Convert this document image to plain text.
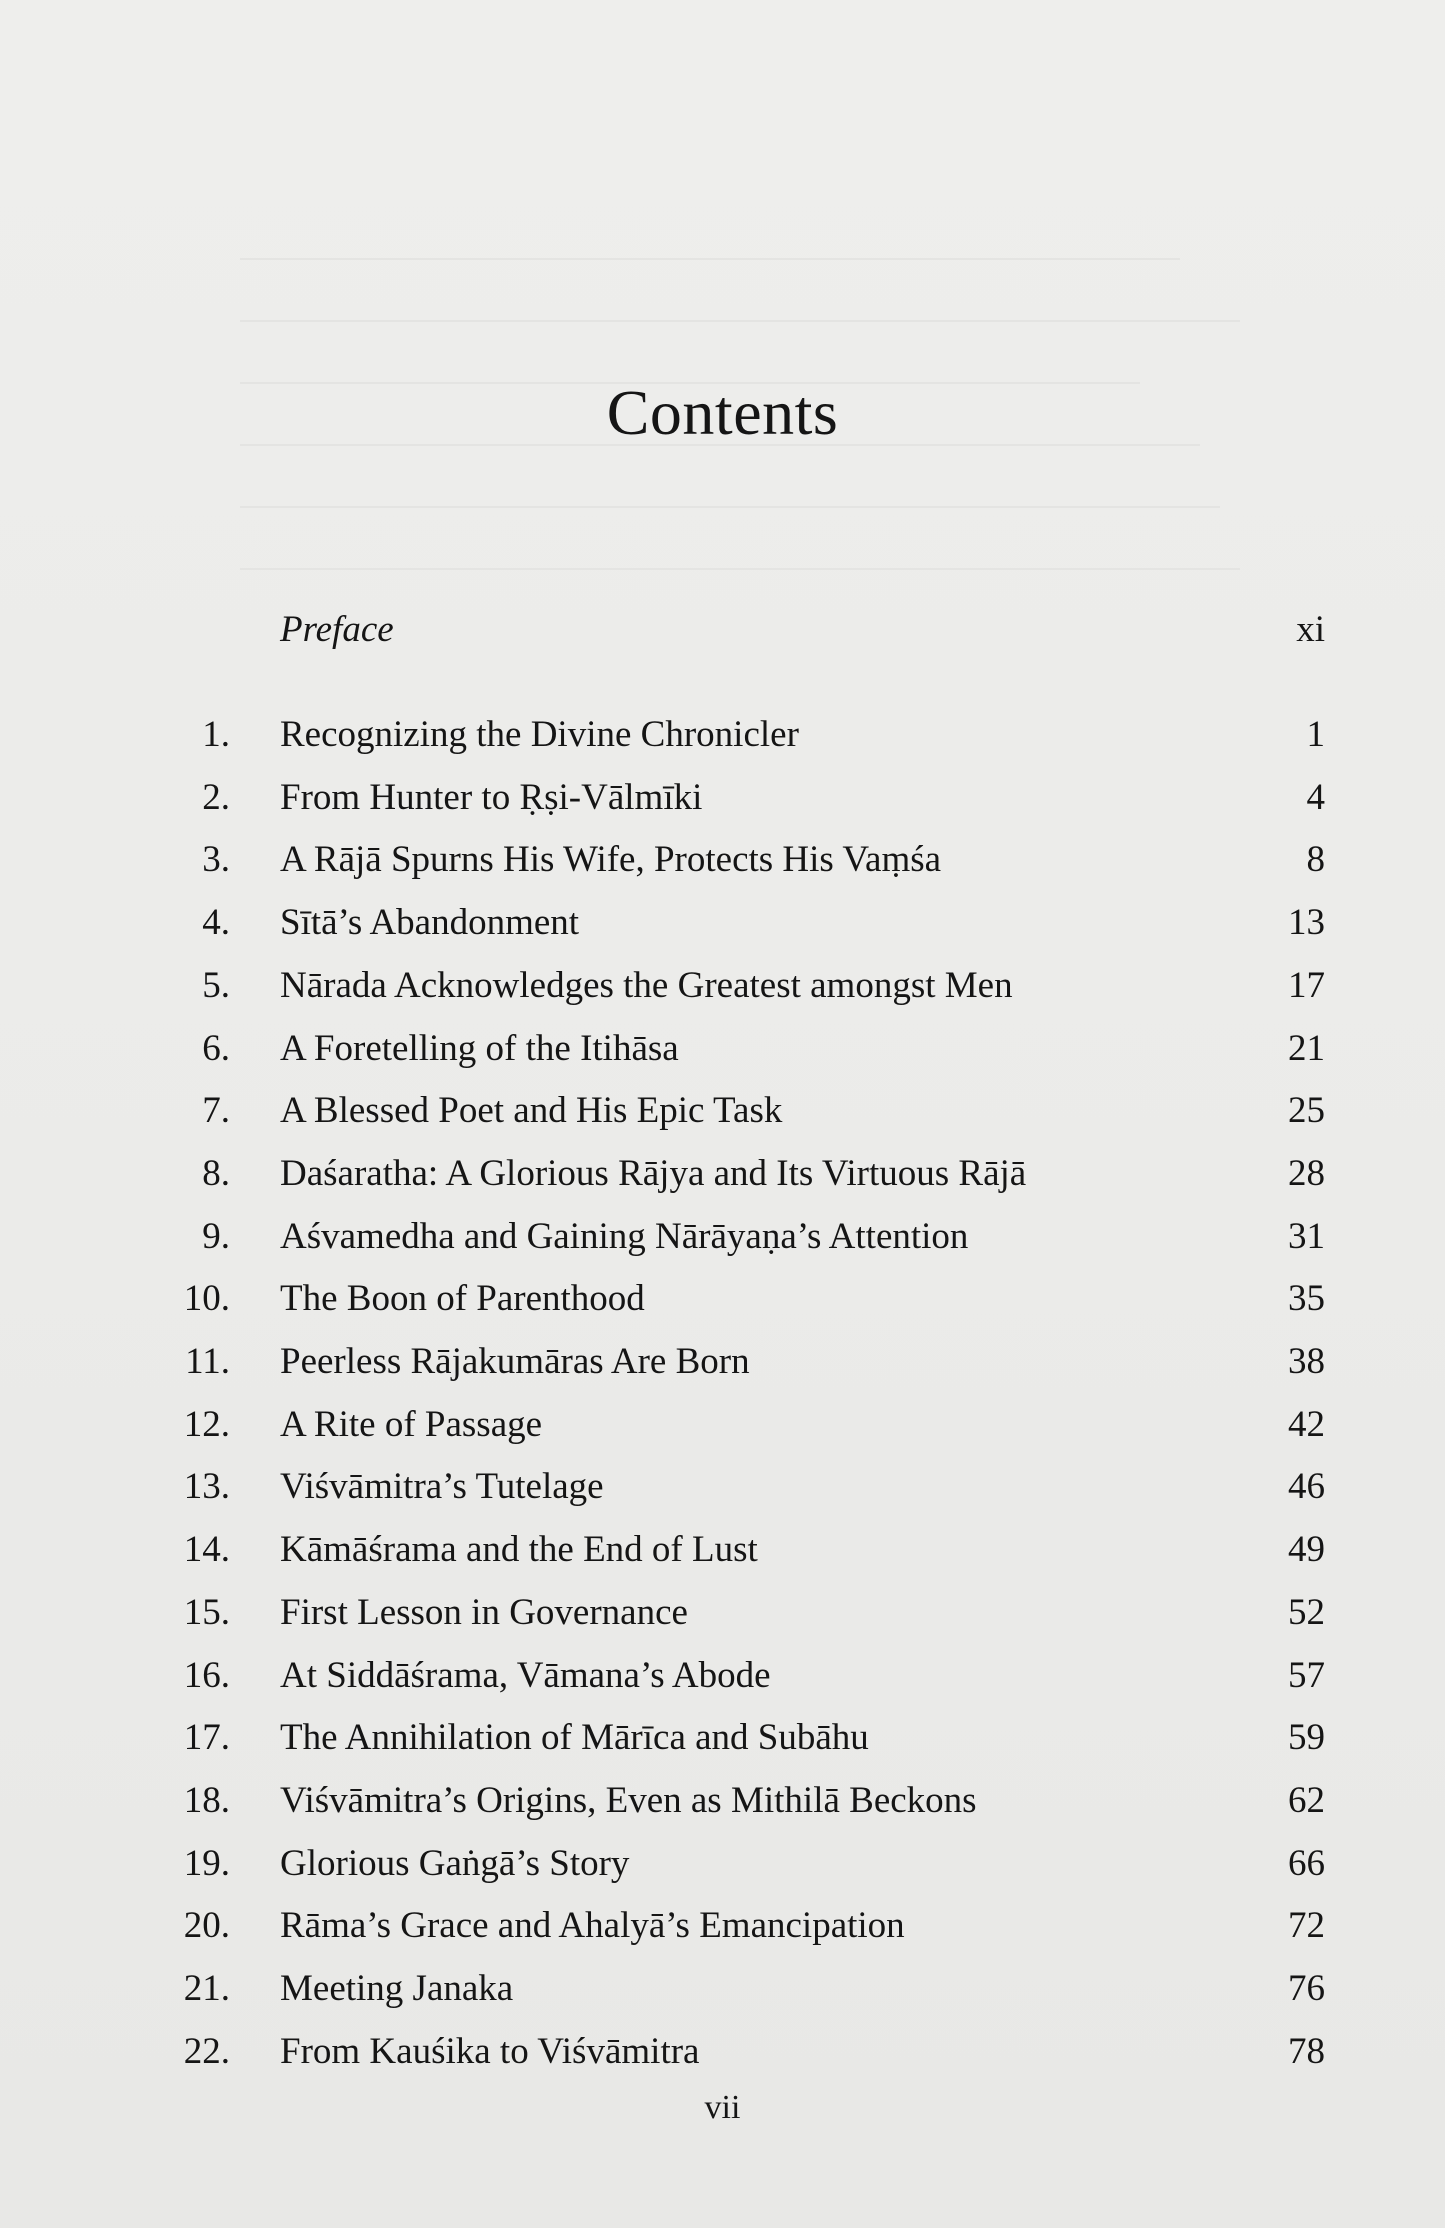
Contents
Preface	xi
1. Recognizing the Divine Chronicler	1
2. From Hunter to Ṛṣi-Vālmīki	4
3. A Rājā Spurns His Wife, Protects His Vaṃśa	8
4. Sītā’s Abandonment	13
5. Nārada Acknowledges the Greatest amongst Men	17
6. A Foretelling of the Itihāsa	21
7. A Blessed Poet and His Epic Task	25
8. Daśaratha: A Glorious Rājya and Its Virtuous Rājā	28
9. Aśvamedha and Gaining Nārāyaṇa’s Attention	31
10. The Boon of Parenthood	35
11. Peerless Rājakumāras Are Born	38
12. A Rite of Passage	42
13. Viśvāmitra’s Tutelage	46
14. Kāmāśrama and the End of Lust	49
15. First Lesson in Governance	52
16. At Siddāśrama, Vāmana’s Abode	57
17. The Annihilation of Mārīca and Subāhu	59
18. Viśvāmitra’s Origins, Even as Mithilā Beckons	62
19. Glorious Gaṅgā’s Story	66
20. Rāma’s Grace and Ahalyā’s Emancipation	72
21. Meeting Janaka	76
22. From Kauśika to Viśvāmitra	78
vii
